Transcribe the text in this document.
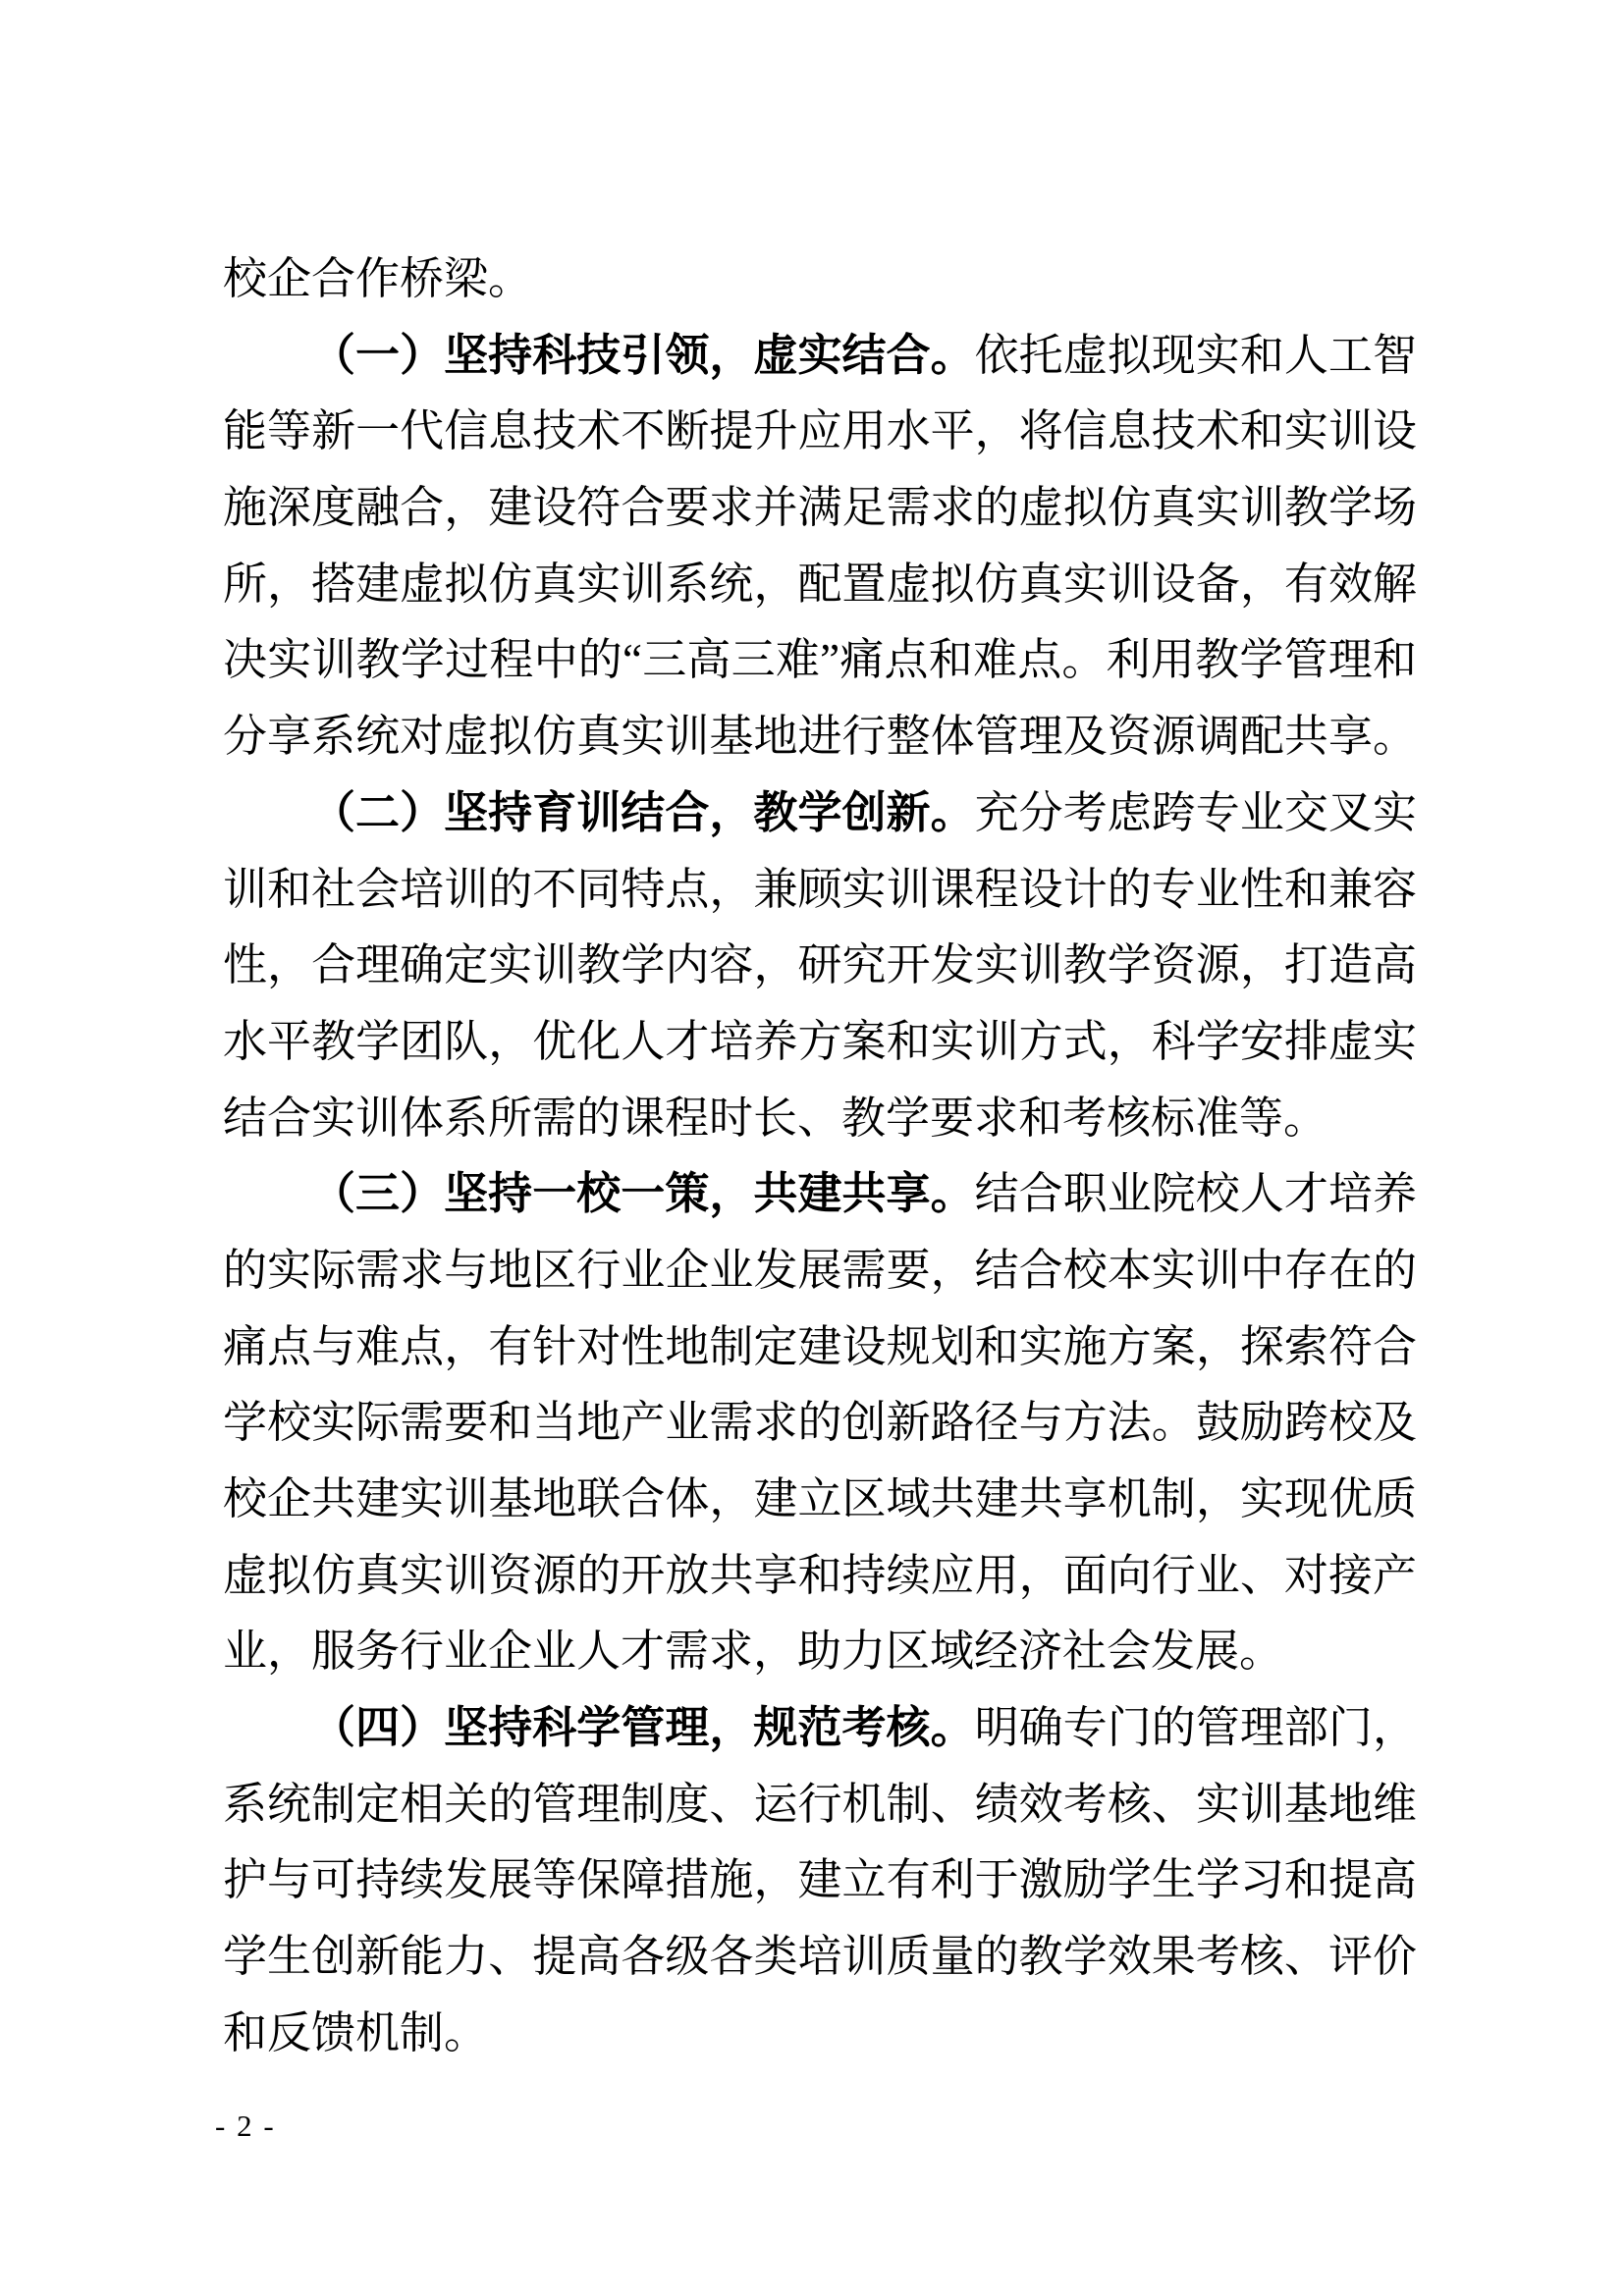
校企合作桥梁。
（一）坚持科技引领，虚实结合。依托虚拟现实和人工智
能等新一代信息技术不断提升应用水平，将信息技术和实训设
施深度融合，建设符合要求并满足需求的虚拟仿真实训教学场
所，搭建虚拟仿真实训系统，配置虚拟仿真实训设备，有效解
决实训教学过程中的“三高三难”痛点和难点。利用教学管理和
分享系统对虚拟仿真实训基地进行整体管理及资源调配共享。
（二）坚持育训结合，教学创新。充分考虑跨专业交叉实
训和社会培训的不同特点，兼顾实训课程设计的专业性和兼容
性，合理确定实训教学内容，研究开发实训教学资源，打造高
水平教学团队，优化人才培养方案和实训方式，科学安排虚实
结合实训体系所需的课程时长、教学要求和考核标准等。
（三）坚持一校一策，共建共享。结合职业院校人才培养
的实际需求与地区行业企业发展需要，结合校本实训中存在的
痛点与难点，有针对性地制定建设规划和实施方案，探索符合
学校实际需要和当地产业需求的创新路径与方法。鼓励跨校及
校企共建实训基地联合体，建立区域共建共享机制，实现优质
虚拟仿真实训资源的开放共享和持续应用，面向行业、对接产
业，服务行业企业人才需求，助力区域经济社会发展。
（四）坚持科学管理，规范考核。明确专门的管理部门，
系统制定相关的管理制度、运行机制、绩效考核、实训基地维
护与可持续发展等保障措施，建立有利于激励学生学习和提高
学生创新能力、提高各级各类培训质量的教学效果考核、评价
和反馈机制。
- 2 -
